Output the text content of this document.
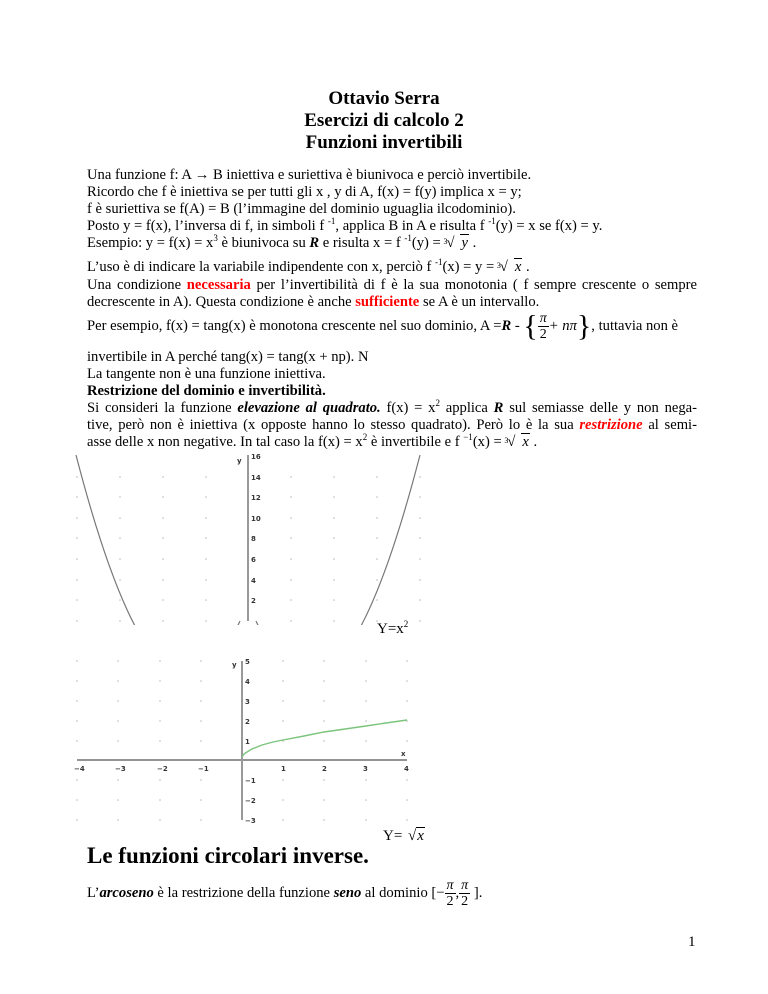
Ottavio Serra
Esercizi di calcolo 2
Funzioni invertibili
Una funzione f: A → B iniettiva e suriettiva è biunivoca e perciò invertibile.
Ricordo che f è iniettiva se per tutti gli x , y di A, f(x) = f(y) implica x = y;
f è suriettiva se f(A) = B (l’immagine del dominio uguaglia ilcodominio).
Posto y = f(x), l’inversa di f, in simboli f $^{-1}$, applica B in A e risulta f $^{-1}$(y) = x se f(x) = y.
Esempio: $y = f(x) = x^3$ è biunivoca su R e risulta x = f $^{-1}$(y) = √
3 y .
L’uso è di indicare la variabile indipendente con x, perciò f $^{-1}$(x) = y = √
3 x .
Una condizione necessaria per l’invertibilità di f è la sua monotonia ( f sempre crescente o sempre
decrescente in A). Questa condizione è anche sufficiente se A è un intervallo.
Per esempio, f(x) = tang(x) è monotona crescente nel suo dominio, A =R - { $\frac{\pi}{2} + n\pi$}, tuttavia non è
invertibile in A perché tang(x) = tang(x + np). N
La tangente non è una funzione iniettiva.
Restrizione del dominio e invertibilità.
Si consideri la funzione elevazione al quadrato. $f(x) = x^2$ applica R sul semiasse delle y non nega-
tive, però non è iniettiva (x opposte hanno lo stesso quadrato). Però lo è la sua restrizione al semi-
asse delle x non negative. In tal caso la $f(x) = x^2$ è invertibile e f $^{-1}$(x) = √
3 x .
y 16
14
12
10
8
6
4
2
$Y=x^2$
−4	−3	−2	−1	1	2	3	4
x
y 5
4
3
2
1
−1
−2
−3
Y= √x
Le funzioni circolari inverse.
L’arcoseno è la restrizione della funzione seno al dominio [− $\frac{\pi}{2}$ , $\frac{\pi}{2}$ ].
1
